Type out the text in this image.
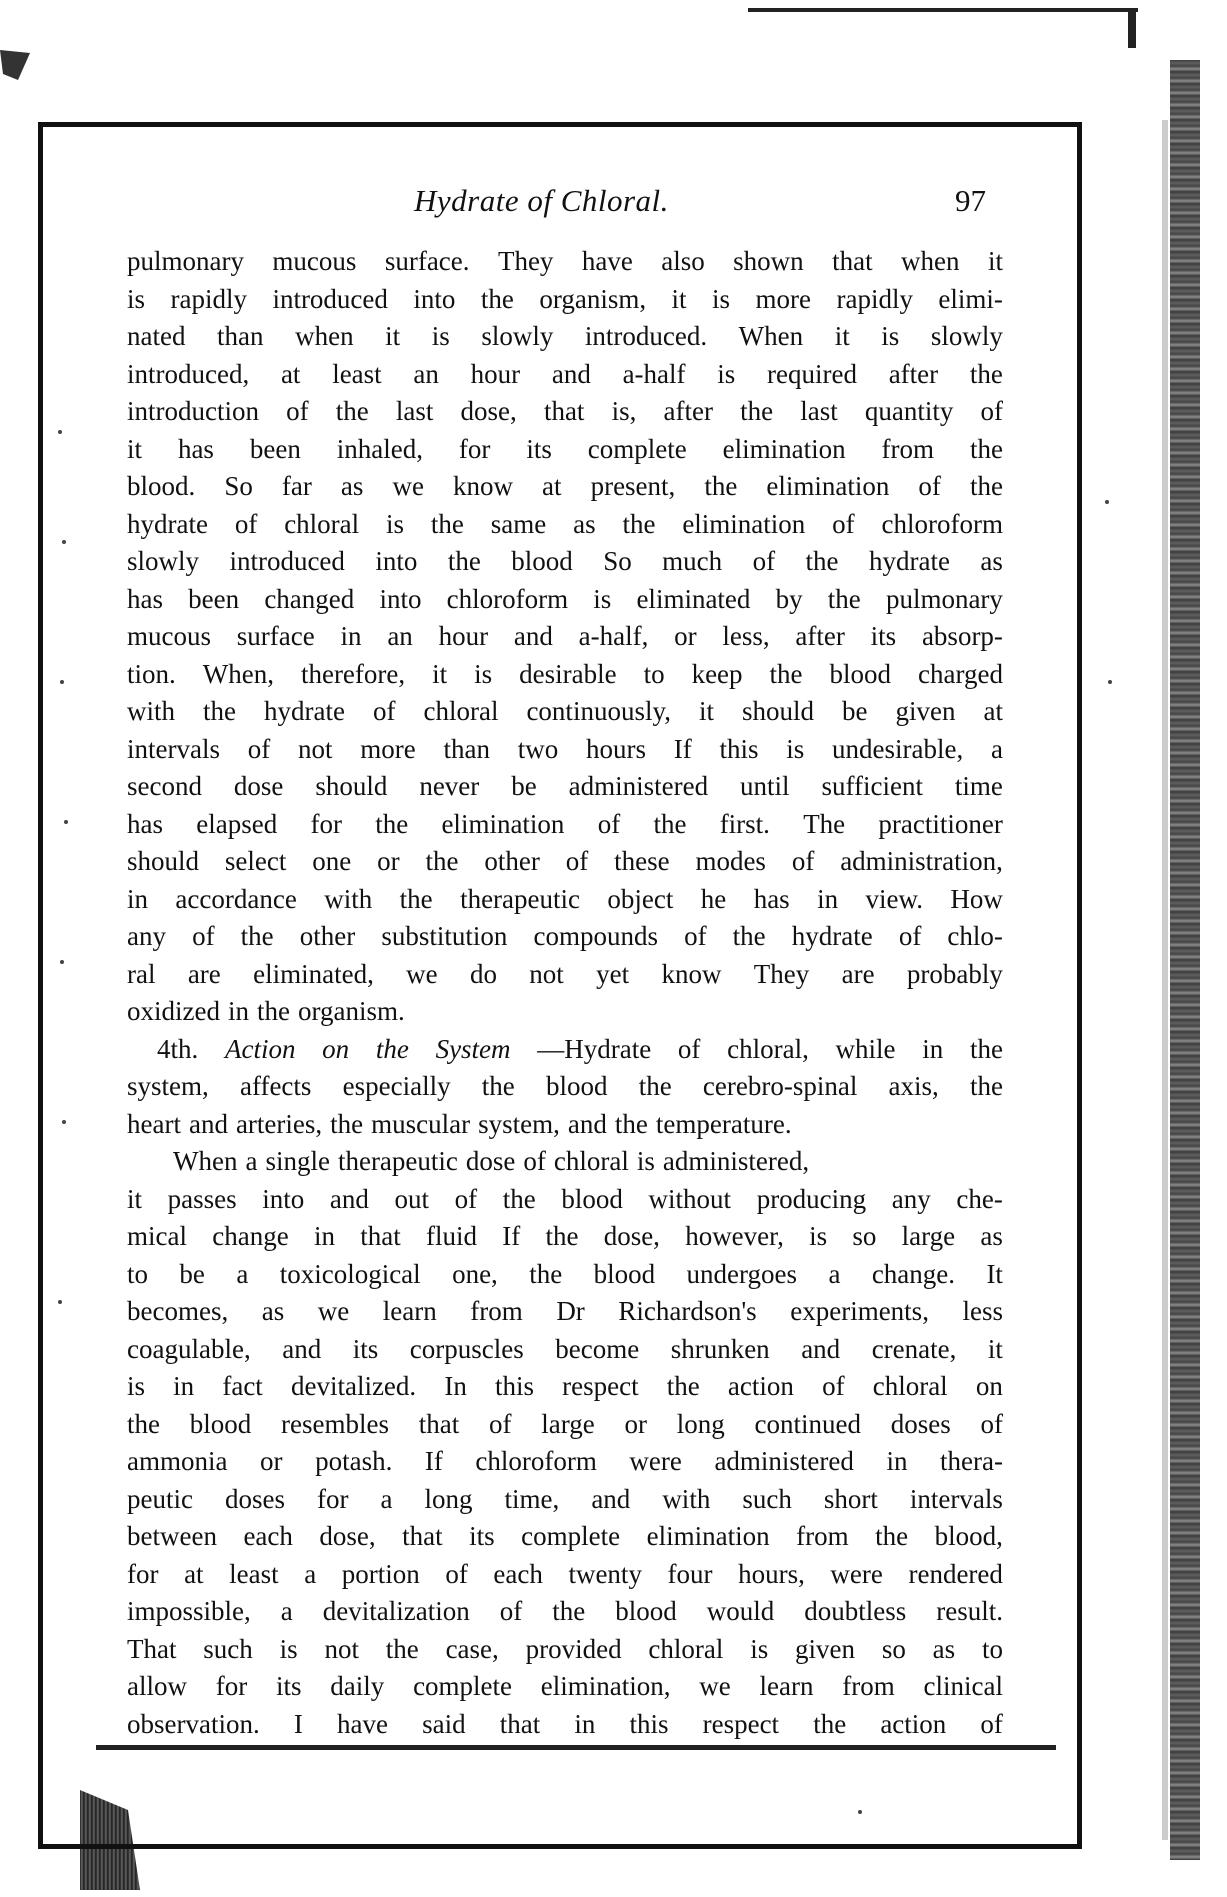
Hydrate of Chloral.	97
pulmonary mucous surface. They have also shown that when it
is rapidly introduced into the organism, it is more rapidly elimi-
nated than when it is slowly introduced. When it is slowly
introduced, at least an hour and a-half is required after the
introduction of the last dose, that is, after the last quantity of
it has been inhaled, for its complete elimination from the
blood. So far as we know at present, the elimination of the
hydrate of chloral is the same as the elimination of chloroform
slowly introduced into the blood So much of the hydrate as
has been changed into chloroform is eliminated by the pulmonary
mucous surface in an hour and a-half, or less, after its absorp-
tion. When, therefore, it is desirable to keep the blood charged
with the hydrate of chloral continuously, it should be given at
intervals of not more than two hours If this is undesirable, a
second dose should never be administered until sufficient time
has elapsed for the elimination of the first. The practitioner
should select one or the other of these modes of administration,
in accordance with the therapeutic object he has in view. How
any of the other substitution compounds of the hydrate of chlo-
ral are eliminated, we do not yet know They are probably
oxidized in the organism.
4th. Action on the System —Hydrate of chloral, while in the
system, affects especially the blood the cerebro-spinal axis, the
heart and arteries, the muscular system, and the temperature.
When a single therapeutic dose of chloral is administered,
it passes into and out of the blood without producing any che-
mical change in that fluid If the dose, however, is so large as
to be a toxicological one, the blood undergoes a change. It
becomes, as we learn from Dr Richardson's experiments, less
coagulable, and its corpuscles become shrunken and crenate, it
is in fact devitalized. In this respect the action of chloral on
the blood resembles that of large or long continued doses of
ammonia or potash. If chloroform were administered in thera-
peutic doses for a long time, and with such short intervals
between each dose, that its complete elimination from the blood,
for at least a portion of each twenty four hours, were rendered
impossible, a devitalization of the blood would doubtless result.
That such is not the case, provided chloral is given so as to
allow for its daily complete elimination, we learn from clinical
observation. I have said that in this respect the action of
